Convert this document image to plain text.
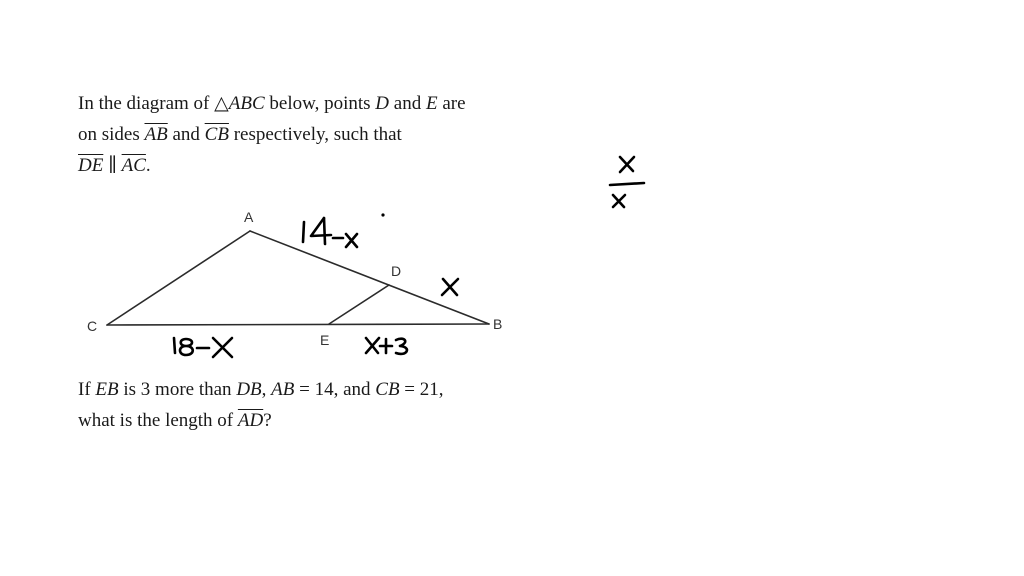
In the diagram of △ABC below, points D and E are
on sides $\overline{AB}$ and $\overline{CB}$ respectively, such that
$\overline{DE}$ ∥ $\overline{AC}$.
If EB is 3 more than DB, AB = 14, and CB = 21,
what is the length of $\overline{AD}$?
A
B
C
D
E
